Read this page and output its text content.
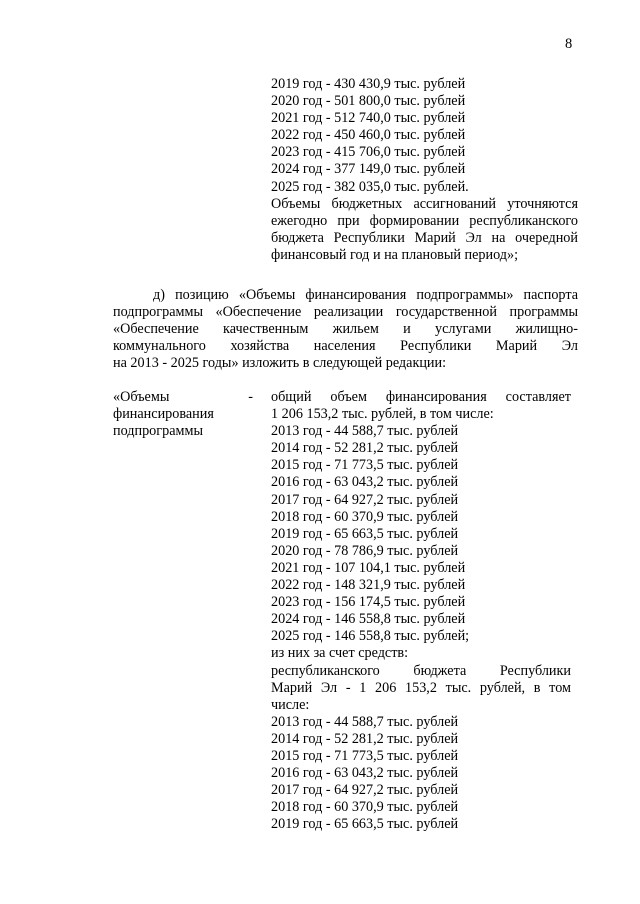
8
2019 год - 430 430,9 тыс. рублей
2020 год - 501 800,0 тыс. рублей
2021 год - 512 740,0 тыс. рублей
2022 год - 450 460,0 тыс. рублей
2023 год - 415 706,0 тыс. рублей
2024 год - 377 149,0 тыс. рублей
2025 год - 382 035,0 тыс. рублей.
Объемы бюджетных ассигнований уточняются
ежегодно при формировании республиканского
бюджета Республики Марий Эл на очередной
финансовый год и на плановый период»;
д) позицию «Объемы финансирования подпрограммы» паспорта
подпрограммы «Обеспечение реализации государственной программы
«Обеспечение качественным жильем и услугами жилищно-
коммунального хозяйства населения Республики Марий Эл
на 2013 - 2025 годы» изложить в следующей редакции:
«Объемы	-
финансирования
подпрограммы
общий объем финансирования составляет
1 206 153,2 тыс. рублей, в том числе:
2013 год - 44 588,7 тыс. рублей
2014 год - 52 281,2 тыс. рублей
2015 год - 71 773,5 тыс. рублей
2016 год - 63 043,2 тыс. рублей
2017 год - 64 927,2 тыс. рублей
2018 год - 60 370,9 тыс. рублей
2019 год - 65 663,5 тыс. рублей
2020 год - 78 786,9 тыс. рублей
2021 год - 107 104,1 тыс. рублей
2022 год - 148 321,9 тыс. рублей
2023 год - 156 174,5 тыс. рублей
2024 год - 146 558,8 тыс. рублей
2025 год - 146 558,8 тыс. рублей;
из них за счет средств:
республиканского бюджета Республики
Марий Эл - 1 206 153,2 тыс. рублей, в том
числе:
2013 год - 44 588,7 тыс. рублей
2014 год - 52 281,2 тыс. рублей
2015 год - 71 773,5 тыс. рублей
2016 год - 63 043,2 тыс. рублей
2017 год - 64 927,2 тыс. рублей
2018 год - 60 370,9 тыс. рублей
2019 год - 65 663,5 тыс. рублей
